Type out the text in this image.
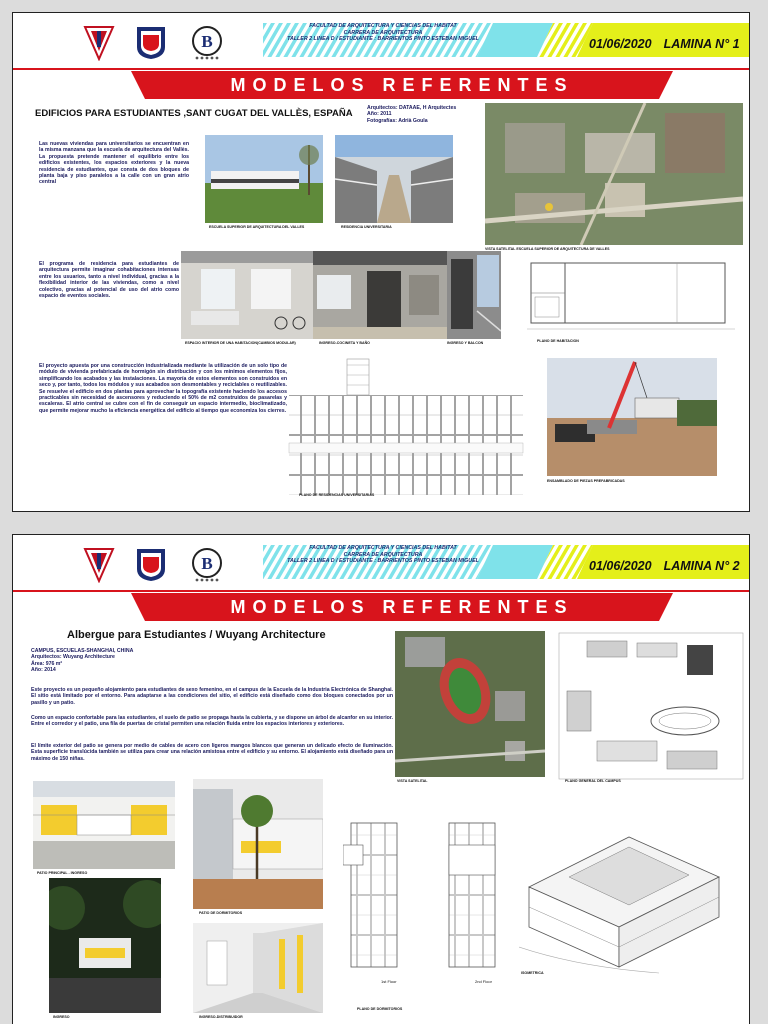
B
FACULTAD DE ARQUITECTURA Y CIENCIAS DEL HABITAT
CARRERA DE ARQUITECTURA
TALLER 2 LINEA D / ESTUDIANTE : BARRIENTOS PINTO ESTEBAN MIGUEL	01/06/2020 LAMINA N° 1
MODELOS REFERENTES
EDIFICIOS PARA ESTUDIANTES ,SANT CUGAT DEL VALLÈS, ESPAÑA	Arquitectos: DATAAE, H Arquitectes
Año: 2011
Fotografías: Adrià Goula
Las nuevas viviendas para universitarios se encuentran en la misma manzana que la escuela de arquitectura del Vallès. La propuesta pretende mantener el equilibrio entre los edificios existentes, los espacios exteriores y la nueva residencia de estudiantes, que consta de dos bloques de planta baja y piso paralelos a la calle con un gran atrio central
El programa de residencia para estudiantes de arquitectura permite imaginar cohabitaciones intensas entre los usuarios, tanto a nivel individual, gracias a la flexibilidad interior de las viviendas, como a nivel colectivo, gracias al potencial de uso del atrio como espacio de eventos sociales.
El proyecto apuesta por una construcción industrializada mediante la utilización de un solo tipo de módulo de vivienda prefabricada de hormigón sin distribución y con los mínimos elementos fijos, simplificando los acabados y las instalaciones. La mayoría de estos elementos son construidos en seco y, por tanto, todos los módulos y sus acabados son desmontables y reciclables o reutilizables. Se resuelve el edificio en dos plantas para aprovechar la topografía existente haciendo los accesos practicables sin necesidad de ascensores y reduciendo el 50% de m2 construidos de pasarelas y escaleras. El atrio central se cubre con el fin de conseguir un espacio intermedio, bioclimatizado, que permite mejorar mucho la eficiencia energética del edificio al tiempo que economiza los cierres.
ESCUELA SUPERIOR DE ARQUITECTURA DEL VALLES	RESIDENCIA UNIVERSITARIA
VISTA SATELITAL ESCUELA SUPERIOR DE ARQUITECTURA DE VALLES
ESPACIO INTERIOR DE UNA HABITACION(CAMBIOS MODULAR)	INGRESO-COCINETA Y BAÑO	INGRESO Y BALCON	PLANO DE HABITACION
PLANO DE RESIDENCIAS UNIVERSITARIAS
ENSAMBLADO DE PIEZAS PREFABRICADAS
B
FACULTAD DE ARQUITECTURA Y CIENCIAS DEL HABITAT
CARRERA DE ARQUITECTURA
TALLER 2 LINEA D / ESTUDIANTE : BARRIENTOS PINTO ESTEBAN MIGUEL	01/06/2020 LAMINA N° 2
MODELOS REFERENTES
Albergue para Estudiantes / Wuyang Architecture
CAMPUS, ESCUELAS-SHANGHAI, CHINA
Arquitectos: Wuyang Architecture
Área: 976 m²
Año: 2014
Este proyecto es un pequeño alojamiento para estudiantes de sexo femenino, en el campus de la Escuela de la Industria Electrónica de Shanghai. El sitio está limitado por el entorno. Para adaptarse a las condiciones del sitio, el edificio está diseñado como dos bloques conectados por un pasillo y un patio.
Como un espacio confortable para las estudiantes, el suelo de patio se propaga hasta la cubierta, y se dispone un árbol de alcanfor en su interior. Entre el corredor y el patio, una fila de puertas de cristal permiten una relación fluida entre los espacios interiores y exteriores.
El límite exterior del patio se genera por medio de cables de acero con ligeros mangos blancos que generan un delicado efecto de iluminación. Esta superficie translúcida también se utiliza para crear una relación amistosa entre el edificio y su entorno. El alojamiento está diseñado para un máximo de 150 niñas.
VISTA SATELITAL	PLANO GENERAL DEL CAMPUS
PATIO PRINCIPAL - INGRESO
INGRESO
PATIO DE DORMITORIOS
INGRESO-DISTRIBUIDOR
1st Floor	2nd Floor
PLANO DE DORMITORIOS
ISOMETRICA
